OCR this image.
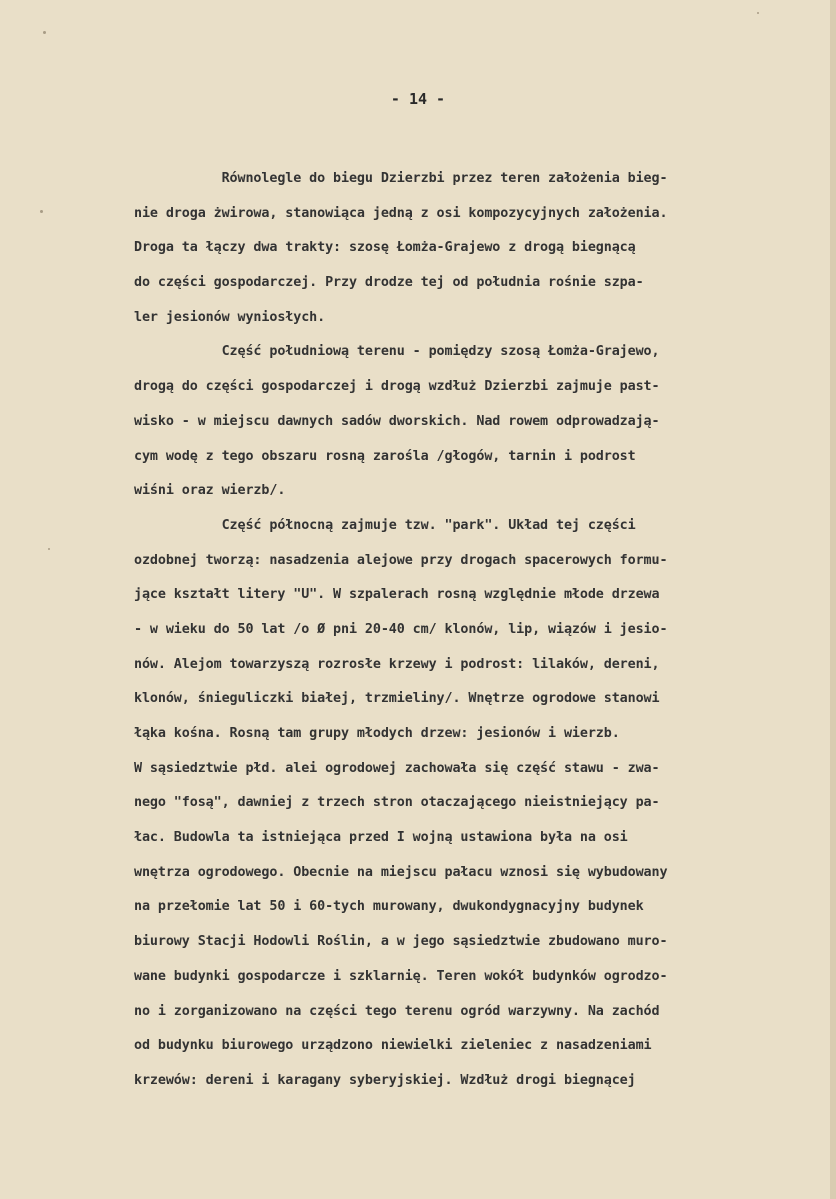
- 14 -
Równolegle do biegu Dzierzbi przez teren założenia bieg-
nie droga żwirowa, stanowiąca jedną z osi kompozycyjnych założenia.
Droga ta łączy dwa trakty: szosę Łomża-Grajewo z drogą biegnącą
do części gospodarczej. Przy drodze tej od południa rośnie szpa-
ler jesionów wyniosłych.
Część południową terenu - pomiędzy szosą Łomża-Grajewo,
drogą do części gospodarczej i drogą wzdłuż Dzierzbi zajmuje past-
wisko - w miejscu dawnych sadów dworskich. Nad rowem odprowadzają-
cym wodę z tego obszaru rosną zarośla /głogów, tarnin i podrost
wiśni oraz wierzb/.
Część północną zajmuje tzw. "park". Układ tej części
ozdobnej tworzą: nasadzenia alejowe przy drogach spacerowych formu-
jące kształt litery "U". W szpalerach rosną względnie młode drzewa
- w wieku do 50 lat /o Ø pni 20-40 cm/ klonów, lip, wiązów i jesio-
nów. Alejom towarzyszą rozrosłe krzewy i podrost: lilaków, dereni,
klonów, śnieguliczki białej, trzmieliny/. Wnętrze ogrodowe stanowi
łąka kośna. Rosną tam grupy młodych drzew: jesionów i wierzb.
W sąsiedztwie płd. alei ogrodowej zachowała się część stawu - zwa-
nego "fosą", dawniej z trzech stron otaczającego nieistniejący pa-
łac. Budowla ta istniejąca przed I wojną ustawiona była na osi
wnętrza ogrodowego. Obecnie na miejscu pałacu wznosi się wybudowany
na przełomie lat 50 i 60-tych murowany, dwukondygnacyjny budynek
biurowy Stacji Hodowli Roślin, a w jego sąsiedztwie zbudowano muro-
wane budynki gospodarcze i szklarnię. Teren wokół budynków ogrodzo-
no i zorganizowano na części tego terenu ogród warzywny. Na zachód
od budynku biurowego urządzono niewielki zieleniec z nasadzeniami
krzewów: dereni i karagany syberyjskiej. Wzdłuż drogi biegnącej
